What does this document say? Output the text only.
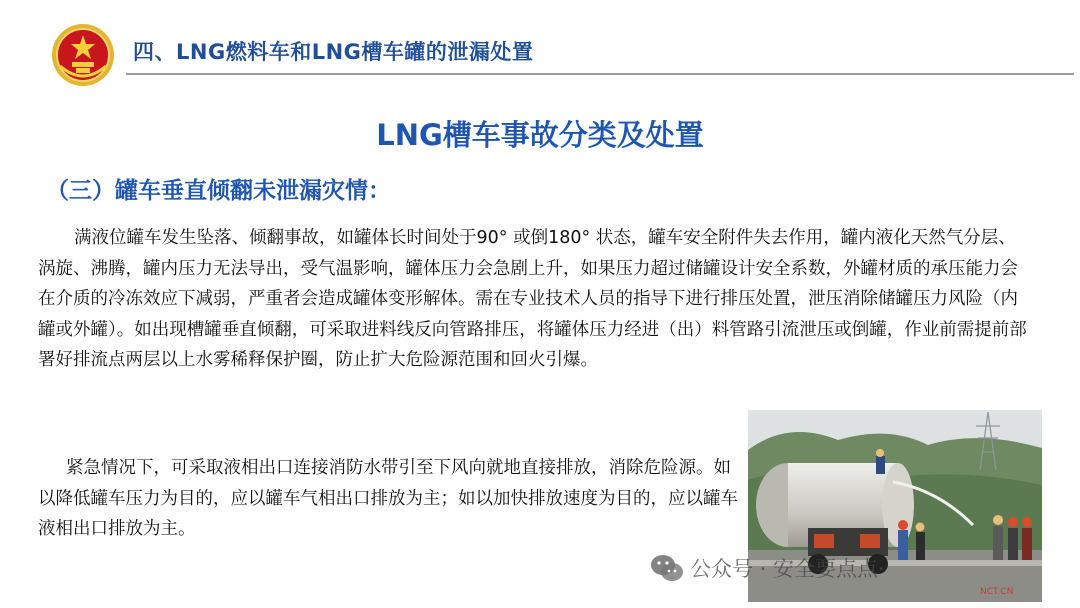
四、LNG燃料车和LNG槽车罐的泄漏处置
LNG槽车事故分类及处置
（三）罐车垂直倾翻未泄漏灾情：

满液位罐车发生坠落、倾翻事故，如罐体长时间处于90° 或倒180° 状态，罐车安全附件失去作用，罐内液化天然气分层、涡旋、沸腾，罐内压力无法导出，受气温影响，罐体压力会急剧上升，如果压力超过储罐设计安全系数，外罐材质的承压能力会在介质的冷冻效应下减弱，严重者会造成罐体变形解体。需在专业技术人员的指导下进行排压处置，泄压消除储罐压力风险（内罐或外罐）。如出现槽罐垂直倾翻，可采取进料线反向管路排压，将罐体压力经进（出）料管路引流泄压或倒罐，作业前需提前部署好排流点两层以上水雾稀释保护圈，防止扩大危险源范围和回火引爆。

紧急情况下，可采取液相出口连接消防水带引至下风向就地直接排放，消除危险源。如以降低罐车压力为目的，应以罐车气相出口排放为主；如以加快排放速度为目的，应以罐车液相出口排放为主。

NCT.CN
公众号 · 安全要点点·
